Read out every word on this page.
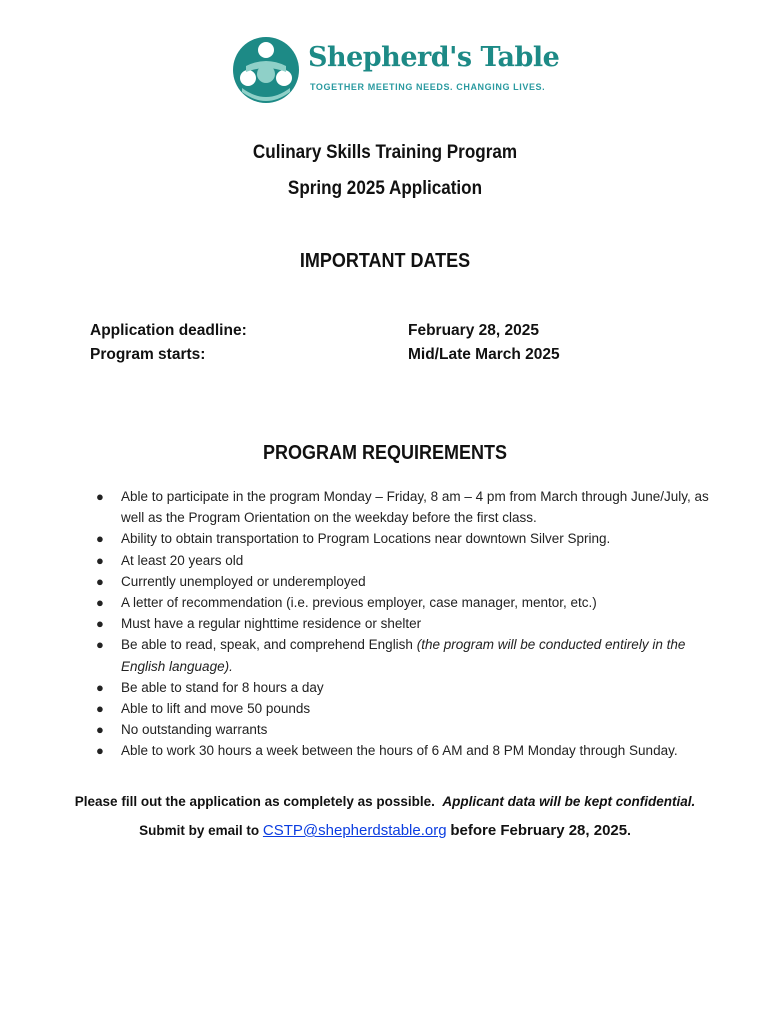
Shepherd's Table
TOGETHER MEETING NEEDS. CHANGING LIVES.
Culinary Skills Training Program
Spring 2025 Application
IMPORTANT DATES
Application deadline:	February 28, 2025
Program starts:	Mid/Late March 2025
PROGRAM REQUIREMENTS
● Able to participate in the program Monday – Friday, 8 am – 4 pm from March through June/July, as well as the Program Orientation on the weekday before the first class.
● Ability to obtain transportation to Program Locations near downtown Silver Spring.
● At least 20 years old
● Currently unemployed or underemployed
● A letter of recommendation (i.e. previous employer, case manager, mentor, etc.)
● Must have a regular nighttime residence or shelter
● Be able to read, speak, and comprehend English (the program will be conducted entirely in the English language).
● Be able to stand for 8 hours a day
● Able to lift and move 50 pounds
● No outstanding warrants
● Able to work 30 hours a week between the hours of 6 AM and 8 PM Monday through Sunday.
Please fill out the application as completely as possible. Applicant data will be kept confidential.
Submit by email to CSTP@shepherdstable.org before February 28, 2025.
